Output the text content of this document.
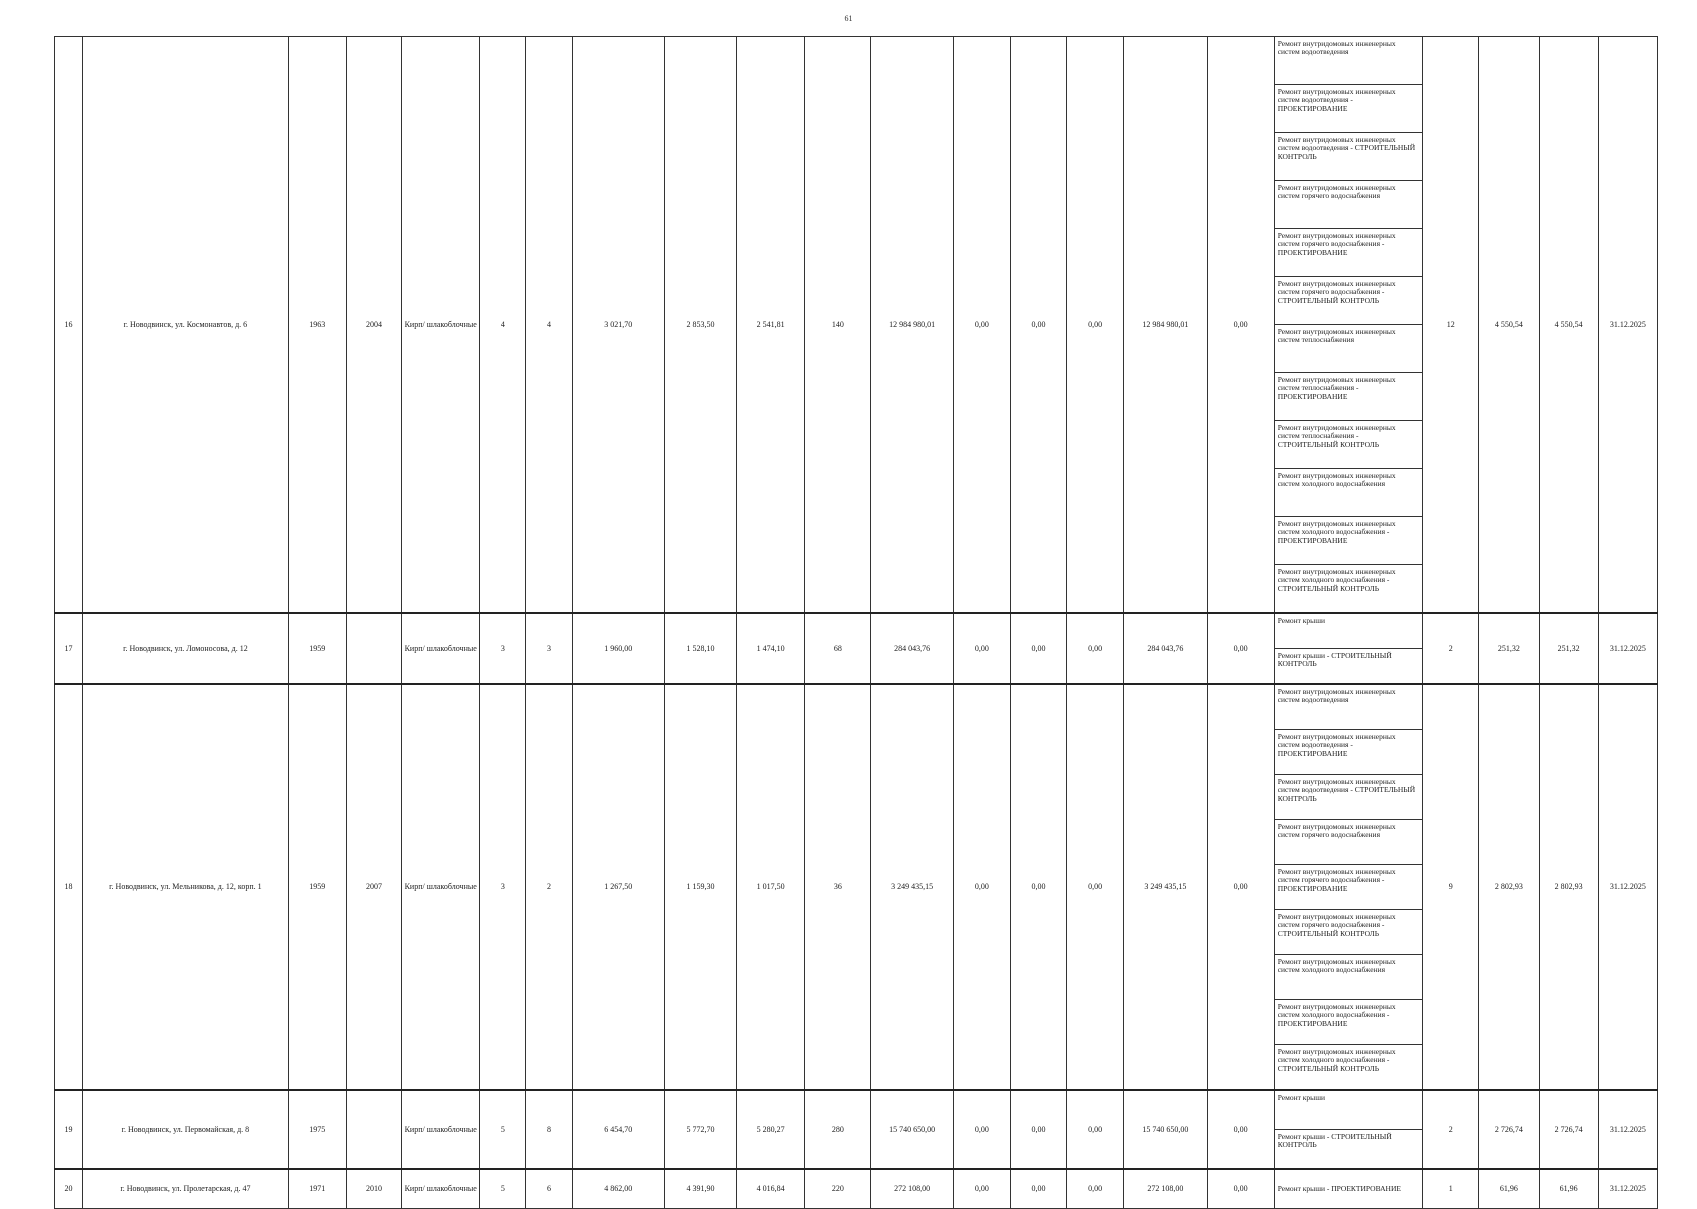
61
16	г. Новодвинск, ул. Космонавтов, д. 6	1963	2004	Кирп/ шлакоблочные	4	4	3 021,70	2 853,50	2 541,81	140	12 984 980,01	0,00	0,00	0,00	12 984 980,01	0,00	Ремонт внутридомовых инженерных систем водоотведения	12	4 550,54	4 550,54	31.12.2025
																	Ремонт внутридомовых инженерных систем водоотведения - ПРОЕКТИРОВАНИЕ				
																	Ремонт внутридомовых инженерных систем водоотведения - СТРОИТЕЛЬНЫЙ КОНТРОЛЬ				
																	Ремонт внутридомовых инженерных систем горячего водоснабжения				
																	Ремонт внутридомовых инженерных систем горячего водоснабжения - ПРОЕКТИРОВАНИЕ				
																	Ремонт внутридомовых инженерных систем горячего водоснабжения - СТРОИТЕЛЬНЫЙ КОНТРОЛЬ				
																	Ремонт внутридомовых инженерных систем теплоснабжения				
																	Ремонт внутридомовых инженерных систем теплоснабжения - ПРОЕКТИРОВАНИЕ				
																	Ремонт внутридомовых инженерных систем теплоснабжения - СТРОИТЕЛЬНЫЙ КОНТРОЛЬ				
																	Ремонт внутридомовых инженерных систем холодного водоснабжения				
																	Ремонт внутридомовых инженерных систем холодного водоснабжения - ПРОЕКТИРОВАНИЕ				
																	Ремонт внутридомовых инженерных систем холодного водоснабжения - СТРОИТЕЛЬНЫЙ КОНТРОЛЬ				
17	г. Новодвинск, ул. Ломоносова, д. 12	1959		Кирп/ шлакоблочные	3	3	1 960,00	1 528,10	1 474,10	68	284 043,76	0,00	0,00	0,00	284 043,76	0,00	Ремонт крыши	2	251,32	251,32	31.12.2025
																	Ремонт крыши - СТРОИТЕЛЬНЫЙ КОНТРОЛЬ				
18	г. Новодвинск, ул. Мельникова, д. 12, корп. 1	1959	2007	Кирп/ шлакоблочные	3	2	1 267,50	1 159,30	1 017,50	36	3 249 435,15	0,00	0,00	0,00	3 249 435,15	0,00	Ремонт внутридомовых инженерных систем водоотведения	9	2 802,93	2 802,93	31.12.2025
																	Ремонт внутридомовых инженерных систем водоотведения - ПРОЕКТИРОВАНИЕ				
																	Ремонт внутридомовых инженерных систем водоотведения - СТРОИТЕЛЬНЫЙ КОНТРОЛЬ				
																	Ремонт внутридомовых инженерных систем горячего водоснабжения				
																	Ремонт внутридомовых инженерных систем горячего водоснабжения - ПРОЕКТИРОВАНИЕ				
																	Ремонт внутридомовых инженерных систем горячего водоснабжения - СТРОИТЕЛЬНЫЙ КОНТРОЛЬ				
																	Ремонт внутридомовых инженерных систем холодного водоснабжения				
																	Ремонт внутридомовых инженерных систем холодного водоснабжения - ПРОЕКТИРОВАНИЕ				
																	Ремонт внутридомовых инженерных систем холодного водоснабжения - СТРОИТЕЛЬНЫЙ КОНТРОЛЬ				
19	г. Новодвинск, ул. Первомайская, д. 8	1975		Кирп/ шлакоблочные	5	8	6 454,70	5 772,70	5 280,27	280	15 740 650,00	0,00	0,00	0,00	15 740 650,00	0,00	Ремонт крыши	2	2 726,74	2 726,74	31.12.2025
																	Ремонт крыши - СТРОИТЕЛЬНЫЙ КОНТРОЛЬ				
20	г. Новодвинск, ул. Пролетарская, д. 47	1971	2010	Кирп/ шлакоблочные	5	6	4 862,00	4 391,90	4 016,84	220	272 108,00	0,00	0,00	0,00	272 108,00	0,00	Ремонт крыши - ПРОЕКТИРОВАНИЕ	1	61,96	61,96	31.12.2025
